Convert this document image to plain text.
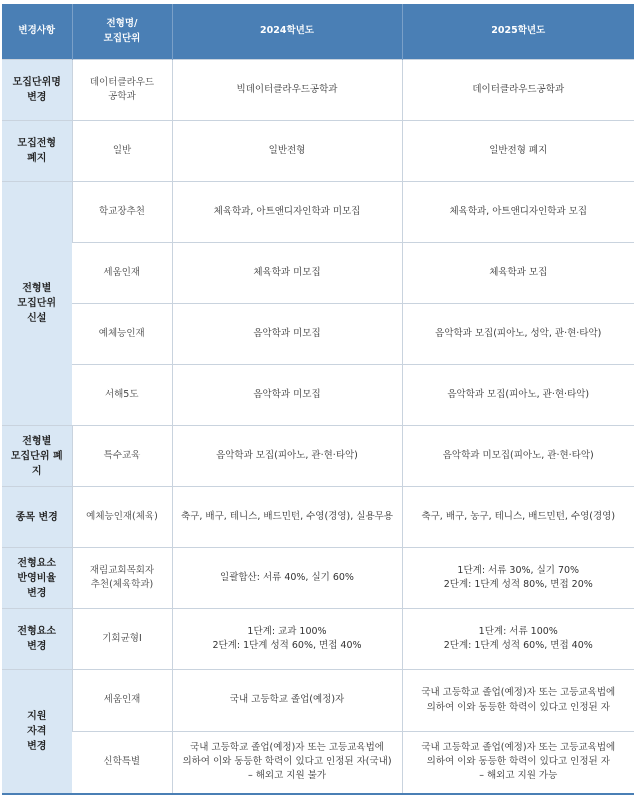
변경사항	전형명/
모집단위	2024학년도	2025학년도
모집단위명
변경	데이터클라우드
공학과	빅데이터클라우드공학과	데이터클라우드공학과
모집전형
폐지	일반	일반전형	일반전형 폐지
전형별
모집단위
신설	학교장추천	체육학과, 아트앤디자인학과 미모집	체육학과, 아트앤디자인학과 모집
	세움인재	체육학과 미모집	체육학과 모집
	예체능인재	음악학과 미모집	음악학과 모집(피아노, 성악, 관·현·타악)
	서해5도	음악학과 미모집	음악학과 모집(피아노, 관·현·타악)
전형별
모집단위 폐지	특수교육	음악학과 모집(피아노, 관·현·타악)	음악학과 미모집(피아노, 관·현·타악)
종목 변경	예체능인재(체육)	축구, 배구, 테니스, 배드민턴, 수영(경영), 실용무용	축구, 배구, 농구, 테니스, 배드민턴, 수영(경영)
전형요소
반영비율
변경	재림교회목회자
추천(체육학과)	일괄합산: 서류 40%, 실기 60%	1단계: 서류 30%, 실기 70%
2단계: 1단계 성적 80%, 면접 20%
전형요소
변경	기회균형Ⅰ	1단계: 교과 100%
2단계: 1단계 성적 60%, 면접 40%	1단계: 서류 100%
2단계: 1단계 성적 60%, 면접 40%
지원
자격
변경	세움인재	국내 고등학교 졸업(예정)자	국내 고등학교 졸업(예정)자 또는 고등교육법에
의하여 이와 동등한 학력이 있다고 인정된 자
	신학특별	국내 고등학교 졸업(예정)자 또는 고등교육법에
의하여 이와 동등한 학력이 있다고 인정된 자(국내)
– 해외고 지원 불가	국내 고등학교 졸업(예정)자 또는 고등교육법에
의하여 이와 동등한 학력이 있다고 인정된 자
– 해외고 지원 가능
